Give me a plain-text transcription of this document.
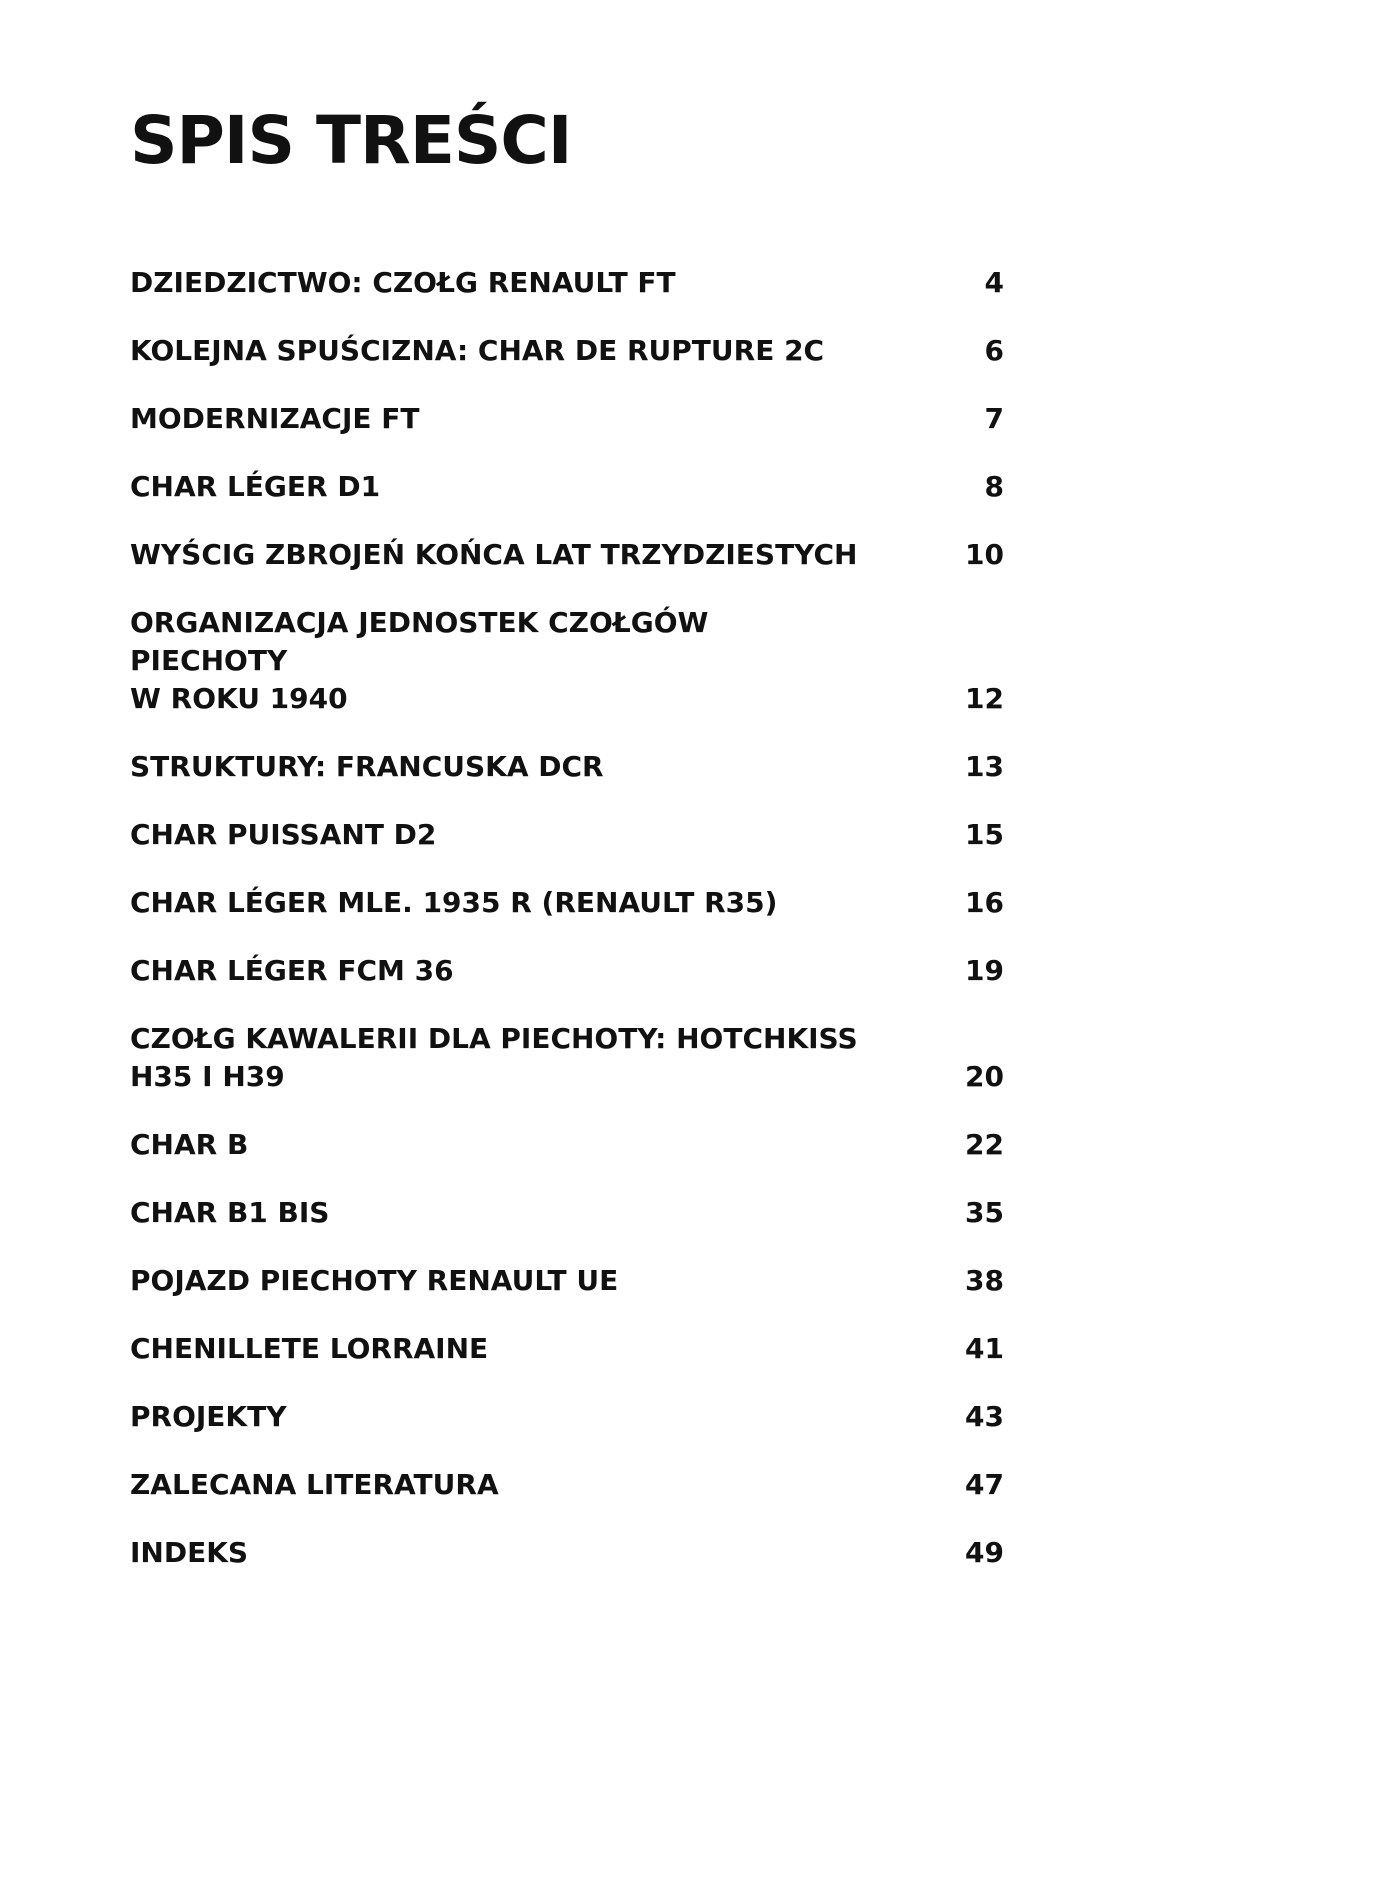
SPIS TREŚCI
DZIEDZICTWO: CZOŁG RENAULT FT	4
KOLEJNA SPUŚCIZNA: CHAR DE RUPTURE 2C	6
MODERNIZACJE FT	7
CHAR LÉGER D1	8
WYŚCIG ZBROJEŃ KOŃCA LAT TRZYDZIESTYCH	10
ORGANIZACJA JEDNOSTEK CZOŁGÓW PIECHOTY
W ROKU 1940	12
STRUKTURY: FRANCUSKA DCR	13
CHAR PUISSANT D2	15
CHAR LÉGER MLE. 1935 R (RENAULT R35)	16
CHAR LÉGER FCM 36	19
CZOŁG KAWALERII DLA PIECHOTY: HOTCHKISS
H35 I H39	20
CHAR B	22
CHAR B1 BIS	35
POJAZD PIECHOTY RENAULT UE	38
CHENILLETE LORRAINE	41
PROJEKTY	43
ZALECANA LITERATURA	47
INDEKS	49
